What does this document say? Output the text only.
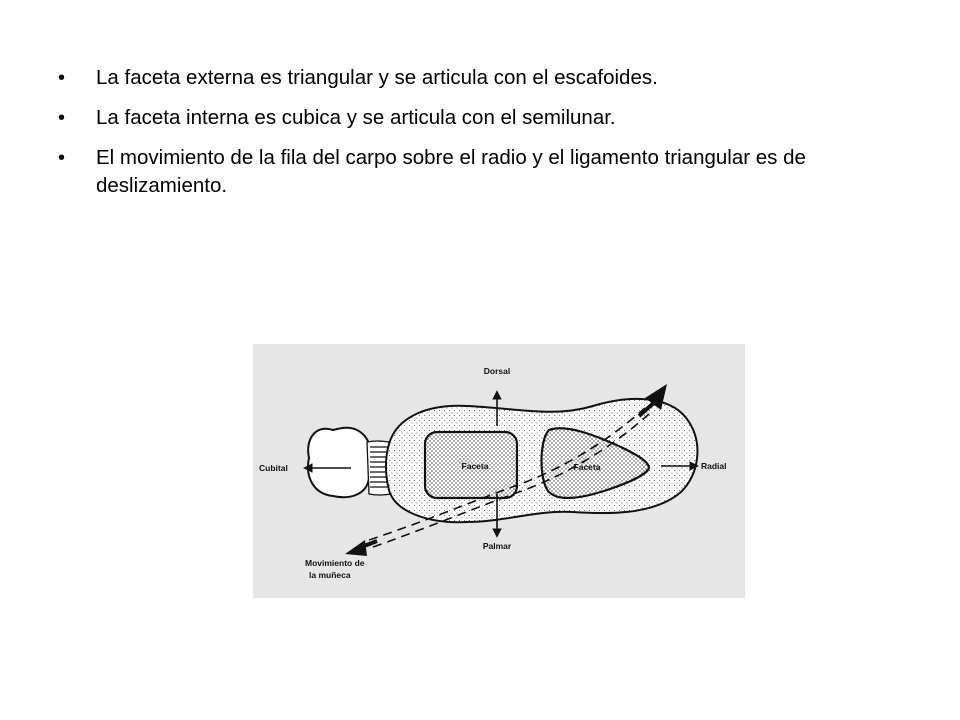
• La faceta externa es triangular y se articula con el escafoides.
• La faceta interna es cubica y se articula con el semilunar.
• El movimiento de la fila del carpo sobre el radio y el ligamento triangular es de deslizamiento.
Dorsal
Palmar
Cubital	Radial
Faceta	Faceta
Movimiento de
la muñeca
